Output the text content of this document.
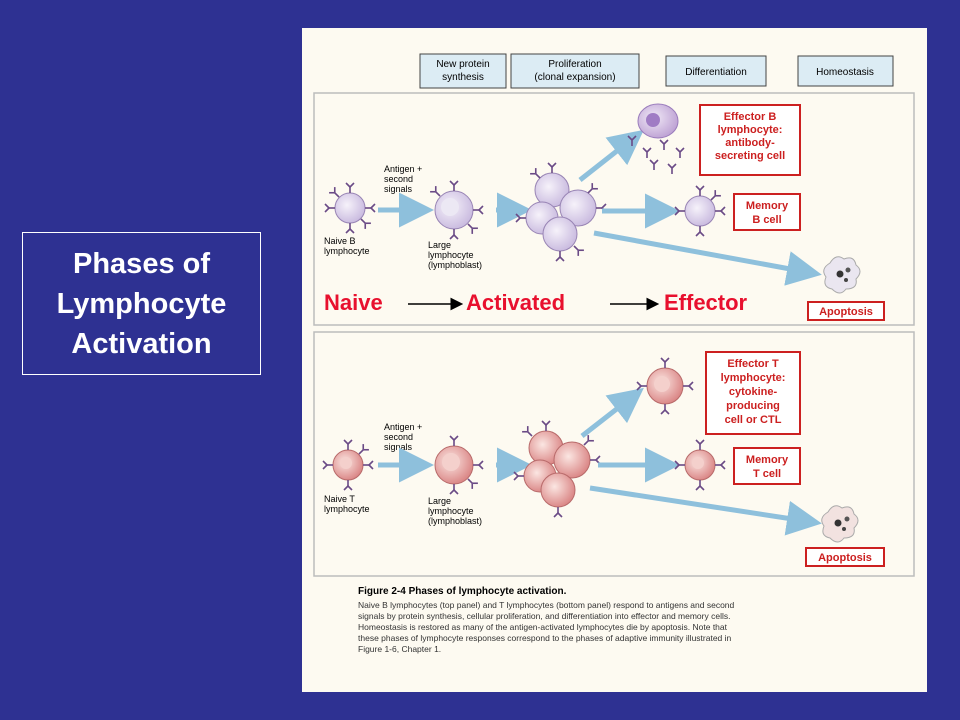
Phases of
Lymphocyte
Activation
New protein
synthesis
Proliferation
(clonal expansion)	Differentiation	Homeostasis
Naive B
lymphocyte
Antigen +
second
signals
Large
lymphocyte
(lymphoblast)
Effector B
lymphocyte:
antibody-
secreting cell
Memory
B cell
Apoptosis
Naive	Activated	Effector
Naive T
lymphocyte
Antigen +
second
signals
Large
lymphocyte
(lymphoblast)
Effector T
lymphocyte:
cytokine-
producing
cell or CTL
Memory
T cell
Apoptosis
Figure 2-4 Phases of lymphocyte activation.
Naive B lymphocytes (top panel) and T lymphocytes (bottom panel) respond to antigens and second
signals by protein synthesis, cellular proliferation, and differentiation into effector and memory cells.
Homeostasis is restored as many of the antigen-activated lymphocytes die by apoptosis. Note that
these phases of lymphocyte responses correspond to the phases of adaptive immunity illustrated in
Figure 1-6, Chapter 1.
